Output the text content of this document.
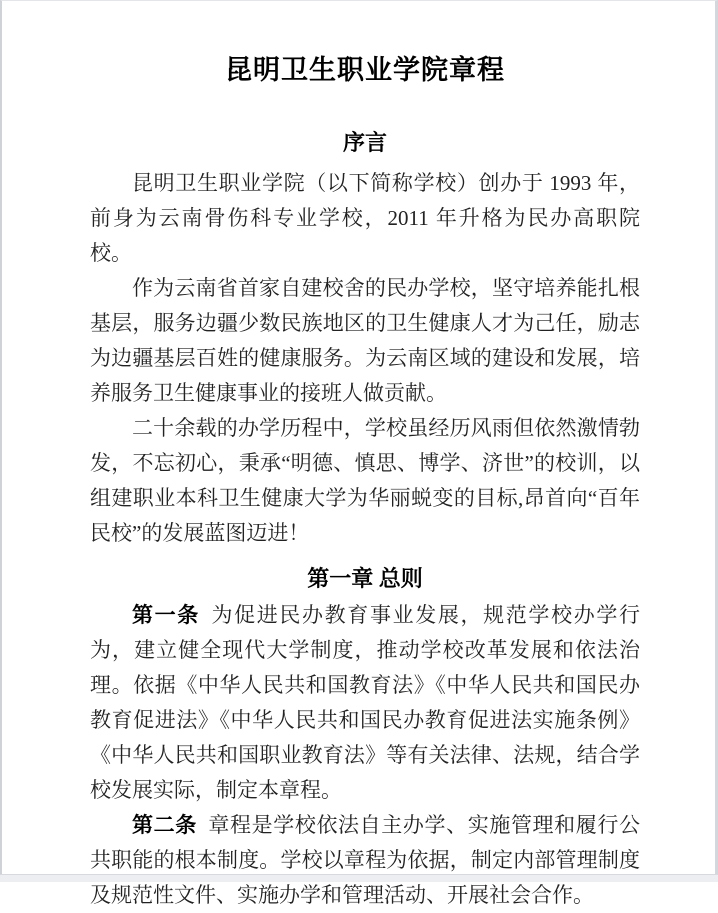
昆明卫生职业学院章程
序言

昆明卫生职业学院（以下简称学校）创办于 1993 年，前身为云南骨伤科专业学校，2011 年升格为民办高职院校。

作为云南省首家自建校舍的民办学校，坚守培养能扎根基层，服务边疆少数民族地区的卫生健康人才为己任，励志为边疆基层百姓的健康服务。为云南区域的建设和发展，培养服务卫生健康事业的接班人做贡献。

二十余载的办学历程中，学校虽经历风雨但依然激情勃发，不忘初心，秉承“明德、慎思、博学、济世”的校训，以组建职业本科卫生健康大学为华丽蜕变的目标,昂首向“百年民校”的发展蓝图迈进！

第一章 总则

第一条 为促进民办教育事业发展，规范学校办学行为，建立健全现代大学制度，推动学校改革发展和依法治理。依据《中华人民共和国教育法》《中华人民共和国民办教育促进法》《中华人民共和国民办教育促进法实施条例》《中华人民共和国职业教育法》等有关法律、法规，结合学校发展实际，制定本章程。

第二条 章程是学校依法自主办学、实施管理和履行公共职能的根本制度。学校以章程为依据，制定内部管理制度及规范性文件、实施办学和管理活动、开展社会合作。
